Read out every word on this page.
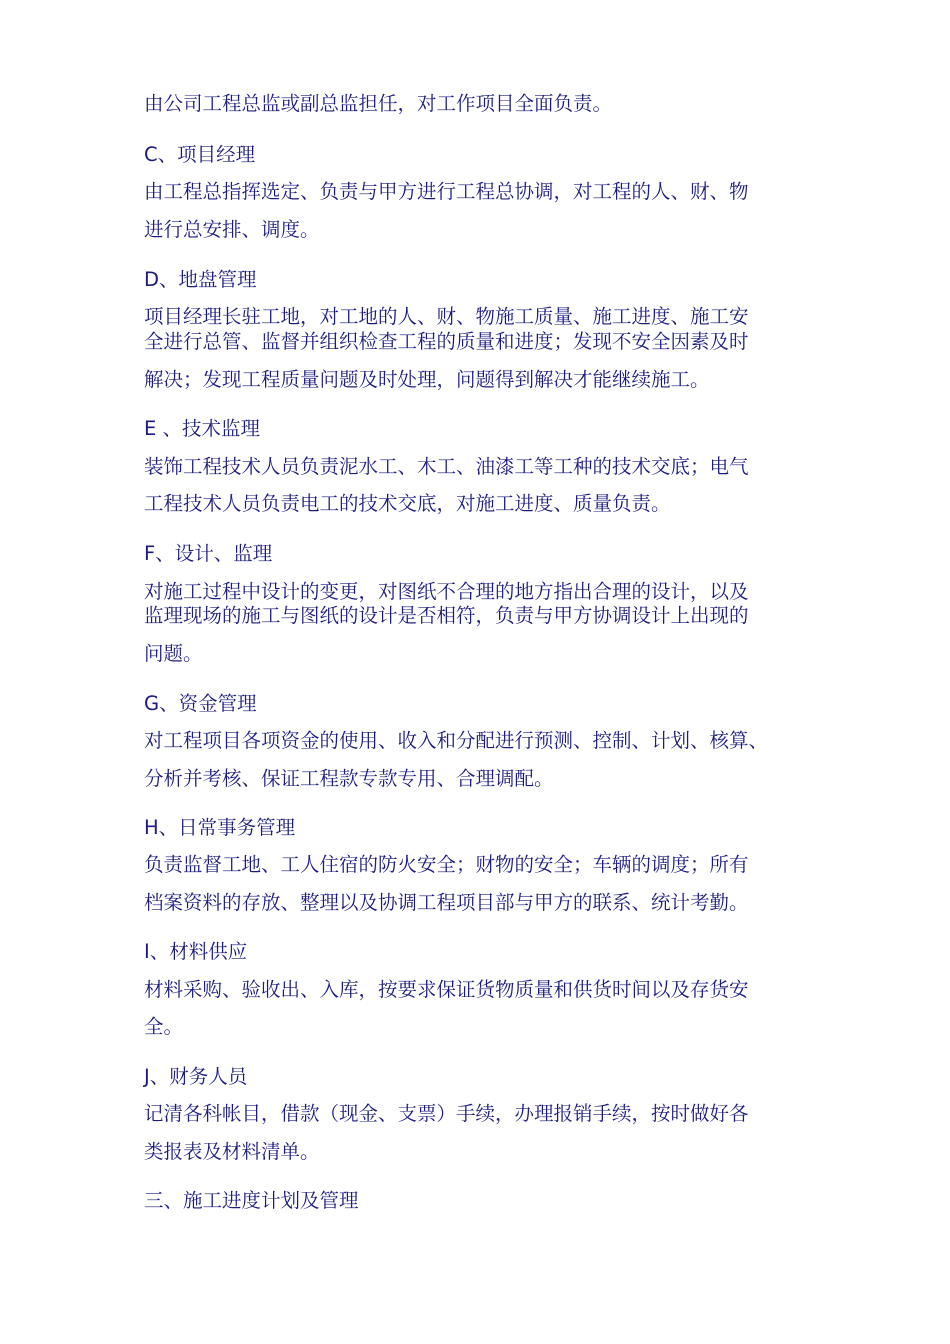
由公司工程总监或副总监担任，对工作项目全面负责。

C、项目经理

由工程总指挥选定、负责与甲方进行工程总协调，对工程的人、财、物

进行总安排、调度。

D、地盘管理

项目经理长驻工地，对工地的人、财、物施工质量、施工进度、施工安

全进行总管、监督并组织检查工程的质量和进度；发现不安全因素及时

解决；发现工程质量问题及时处理，问题得到解决才能继续施工。

E 、技术监理

装饰工程技术人员负责泥水工、木工、油漆工等工种的技术交底；电气

工程技术人员负责电工的技术交底，对施工进度、质量负责。

F、设计、监理

对施工过程中设计的变更，对图纸不合理的地方指出合理的设计，以及

监理现场的施工与图纸的设计是否相符，负责与甲方协调设计上出现的

问题。

G、资金管理

对工程项目各项资金的使用、收入和分配进行预测、控制、计划、核算、

分析并考核、保证工程款专款专用、合理调配。

H、日常事务管理

负责监督工地、工人住宿的防火安全；财物的安全；车辆的调度；所有

档案资料的存放、整理以及协调工程项目部与甲方的联系、统计考勤。

I、材料供应

材料采购、验收出、入库，按要求保证货物质量和供货时间以及存货安

全。

J、财务人员

记清各科帐目，借款（现金、支票）手续，办理报销手续，按时做好各

类报表及材料清单。

三、施工进度计划及管理
